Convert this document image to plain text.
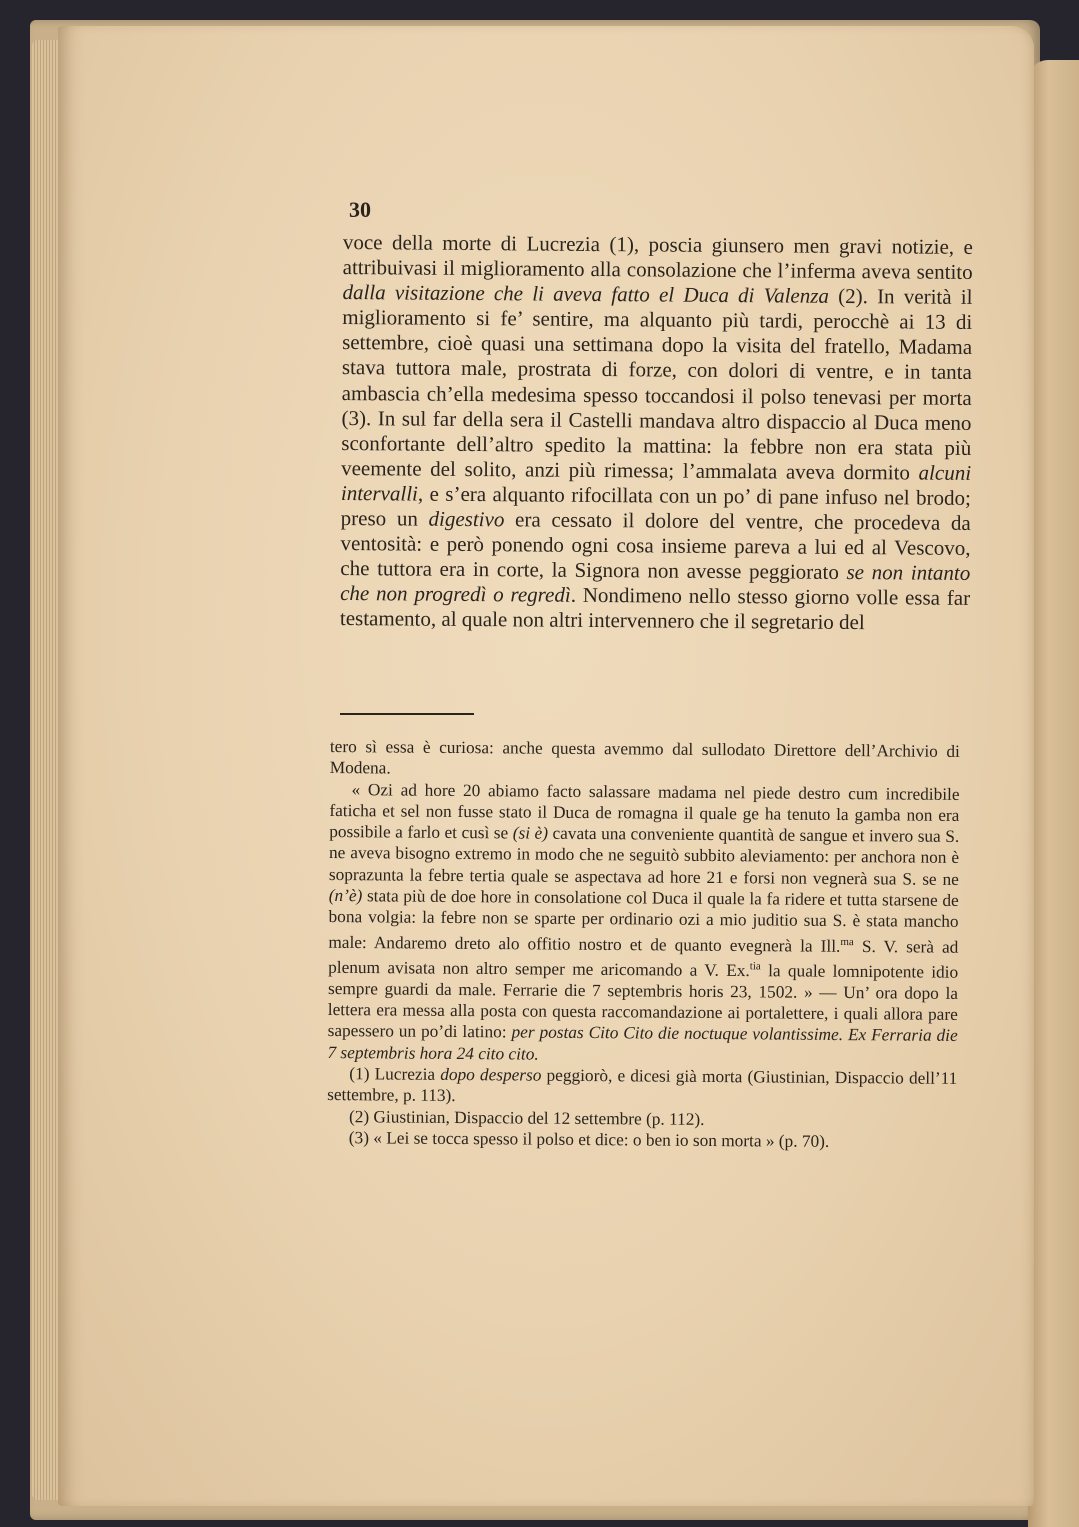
30

voce della morte di Lucrezia (1), poscia giunsero men gravi notizie, e attribuivasi il miglioramento alla consolazione che l’inferma aveva sentito dalla visitazione che li aveva fatto el Duca di Valenza (2). In verità il miglioramento si fe’ sentire, ma alquanto più tardi, perocchè ai 13 di settembre, cioè quasi una settimana dopo la visita del fratello, Madama stava tuttora male, prostrata di forze, con dolori di ventre, e in tanta ambascia ch’ella medesima spesso toccandosi il polso tenevasi per morta (3). In sul far della sera il Castelli mandava altro dispaccio al Duca meno sconfortante dell’altro spedito la mattina: la febbre non era stata più veemente del solito, anzi più rimessa; l’ammalata aveva dormito alcuni intervalli, e s’era alquanto rifocillata con un po’ di pane infuso nel brodo; preso un digestivo era cessato il dolore del ventre, che procedeva da ventosità: e però ponendo ogni cosa insieme pareva a lui ed al Vescovo, che tuttora era in corte, la Signora non avesse peggiorato se non intanto che non progredì o regredì. Nondimeno nello stesso giorno volle essa far testamento, al quale non altri intervennero che il segretario del

tero sì essa è curiosa: anche questa avemmo dal sullodato Direttore dell’Archivio di Modena.

« Ozi ad hore 20 abiamo facto salassare madama nel piede destro cum incredibile faticha et sel non fusse stato il Duca de romagna il quale ge ha tenuto la gamba non era possibile a farlo et cusì se (si è) cavata una conveniente quantità de sangue et invero sua S. ne aveva bisogno extremo in modo che ne seguitò subbito aleviamento: per anchora non è soprazunta la febre tertia quale se aspectava ad hore 21 e forsi non vegnerà sua S. se ne (n’è) stata più de doe hore in consolatione col Duca il quale la fa ridere et tutta starsene de bona volgia: la febre non se sparte per ordinario ozi a mio juditio sua S. è stata mancho male: Andaremo dreto alo offitio nostro et de quanto evegnerà la Ill.$^{ma}$ S. V. serà ad plenum avisata non altro semper me aricomando a V. Ex.$^{tia}$ la quale lomnipotente idio sempre guardi da male. Ferrarie die 7 septembris horis 23, 1502. » — Un’ ora dopo la lettera era messa alla posta con questa raccomandazione ai portalettere, i quali allora pare sapessero un po’di latino: per postas Cito Cito die noctuque volantissime. Ex Ferraria die 7 septembris hora 24 cito cito.

(1) Lucrezia dopo desperso peggiorò, e dicesi già morta (Giustinian, Dispaccio dell’11 settembre, p. 113).

(2) Giustinian, Dispaccio del 12 settembre (p. 112).

(3) « Lei se tocca spesso il polso et dice: o ben io son morta » (p. 70).
